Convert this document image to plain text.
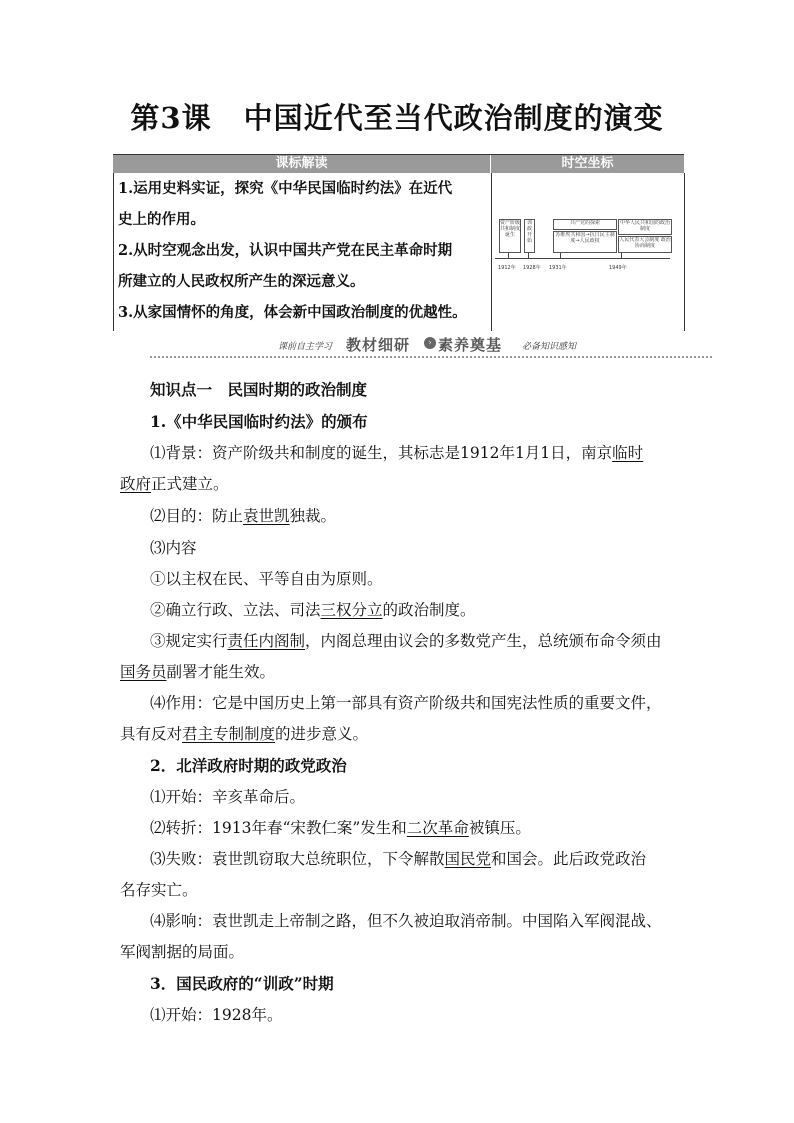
第3课 中国近代至当代政治制度的演变
课标解读	时空坐标
1.运用史料实证，探究《中华民国临时约法》在近代
史上的作用。
2.从时空观念出发，认识中国共产党在民主革命时期
所建立的人民政权所产生的深远意义。
3.从家国情怀的角度，体会新中国政治制度的优越性。
资产阶级共和制度诞生
训政开始
共产党的探索
苏维埃共和国→抗日民主制度→人民政权
中华人民共和国的政治制度
人民代表大会制度 政治协商制度
1912年 1928年 1931年	1949年
课前自主学习 教材细研	› 素养奠基 必备知识感知
知识点一　民国时期的政治制度
1.《中华民国临时约法》的颁布
⑴背景：资产阶级共和制度的诞生，其标志是1912年1月1日，南京临时
政府正式建立。
⑵目的：防止袁世凯独裁。
⑶内容
①以主权在民、平等自由为原则。
②确立行政、立法、司法三权分立的政治制度。
③规定实行责任内阁制，内阁总理由议会的多数党产生，总统颁布命令须由
国务员副署才能生效。
⑷作用：它是中国历史上第一部具有资产阶级共和国宪法性质的重要文件，
具有反对君主专制制度的进步意义。
2．北洋政府时期的政党政治
⑴开始：辛亥革命后。
⑵转折：1913年春“宋教仁案”发生和二次革命被镇压。
⑶失败：袁世凯窃取大总统职位，下令解散国民党和国会。此后政党政治
名存实亡。
⑷影响：袁世凯走上帝制之路，但不久被迫取消帝制。中国陷入军阀混战、
军阀割据的局面。
3．国民政府的“训政”时期
⑴开始：1928年。
